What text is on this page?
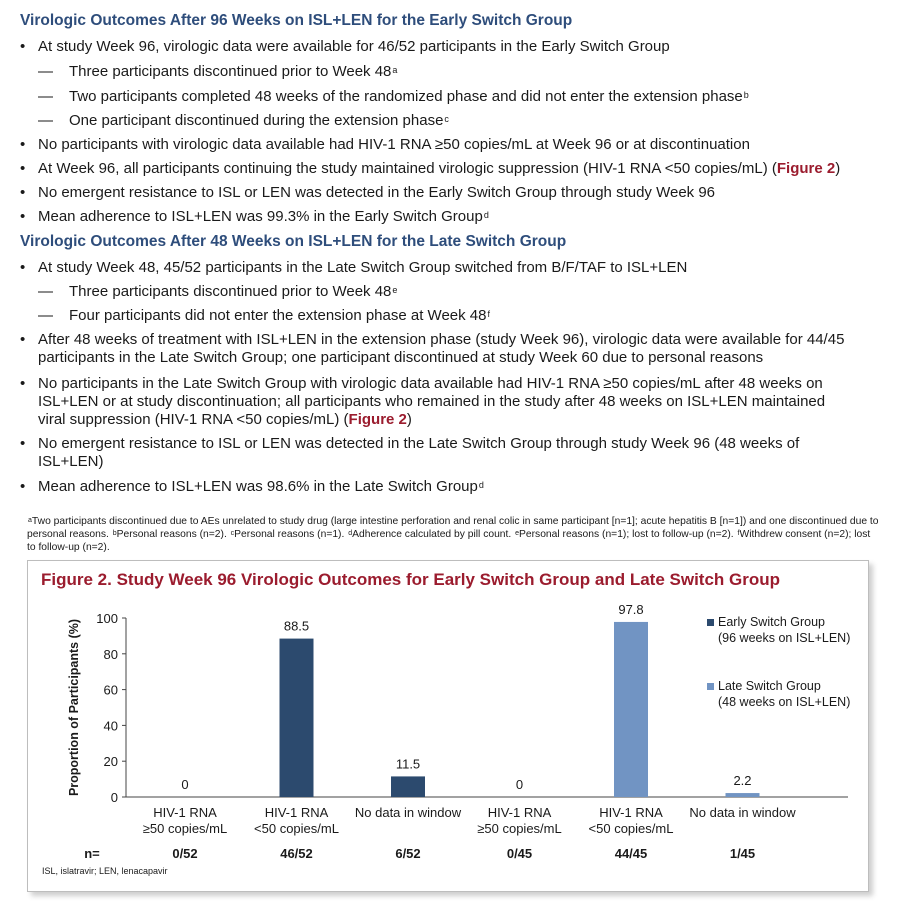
Virologic Outcomes After 96 Weeks on ISL+LEN for the Early Switch Group
• At study Week 96, virologic data were available for 46/52 participants in the Early Switch Group
— Three participants discontinued prior to Week 48$^a$
— Two participants completed 48 weeks of the randomized phase and did not enter the extension phase$^b$
— One participant discontinued during the extension phase$^c$
• No participants with virologic data available had HIV-1 RNA ≥50 copies/mL at Week 96 or at discontinuation
• At Week 96, all participants continuing the study maintained virologic suppression (HIV-1 RNA <50 copies/mL) (Figure 2)
• No emergent resistance to ISL or LEN was detected in the Early Switch Group through study Week 96
• Mean adherence to ISL+LEN was 99.3% in the Early Switch Group$^d$
Virologic Outcomes After 48 Weeks on ISL+LEN for the Late Switch Group
• At study Week 48, 45/52 participants in the Late Switch Group switched from B/F/TAF to ISL+LEN
— Three participants discontinued prior to Week 48e
— Four participants did not enter the extension phase at Week 48$^f$
• After 48 weeks of treatment with ISL+LEN in the extension phase (study Week 96), virologic data were available for 44/45
participants in the Late Switch Group; one participant discontinued at study Week 60 due to personal reasons
• No participants in the Late Switch Group with virologic data available had HIV-1 RNA ≥50 copies/mL after 48 weeks on
ISL+LEN or at study discontinuation; all participants who remained in the study after 48 weeks on ISL+LEN maintained
viral suppression (HIV-1 RNA <50 copies/mL) (Figure 2)
• No emergent resistance to ISL or LEN was detected in the Late Switch Group through study Week 96 (48 weeks of
ISL+LEN)
• Mean adherence to ISL+LEN was 98.6% in the Late Switch Group$^d$
$^a$Two participants discontinued due to AEs unrelated to study drug (large intestine perforation and renal colic in same participant [n=1]; acute hepatitis B [n=1]) and one discontinued due to personal reasons. $^b$Personal reasons (n=2). $^c$Personal reasons (n=1). $^d$Adherence calculated by pill count. $^e$Personal reasons (n=1); lost to follow-up (n=2). $^f$Withdrew consent (n=2); lost to follow-up (n=2).
Figure 2. Study Week 96 Virologic Outcomes for Early Switch Group and Late Switch Group
0
20
40
60
80
100
Proportion of Participants (%)	0
HIV-1 RNA
≥50 copies/mL
0/52
88.5
HIV-1 RNA
<50 copies/mL
46/52
11.5
No data in window
6/52
0
HIV-1 RNA
≥50 copies/mL
0/45
97.8
HIV-1 RNA
<50 copies/mL
44/45
2.2
No data in window
1/45
n=
Early Switch Group
(96 weeks on ISL+LEN)
Late Switch Group
(48 weeks on ISL+LEN)
ISL, islatravir; LEN, lenacapavir
